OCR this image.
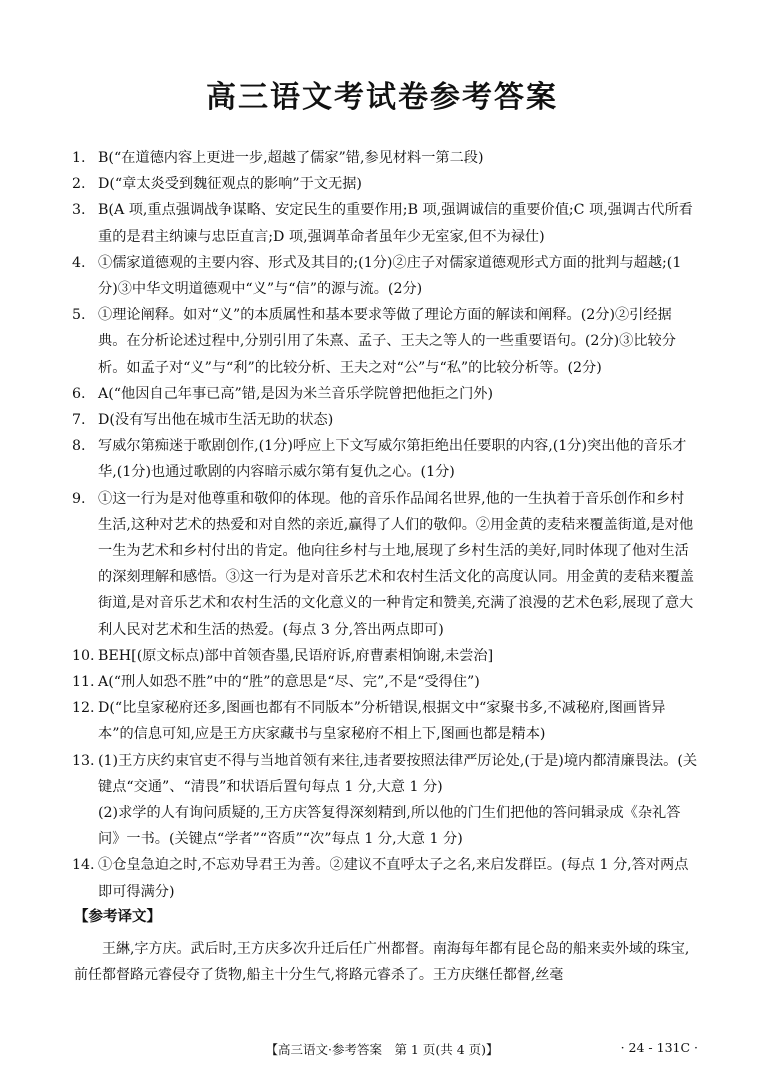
高三语文考试卷参考答案
1. B(“在道德内容上更进一步,超越了儒家”错,参见材料一第二段)
2. D(“章太炎受到魏征观点的影响”于文无据)
3. B(A 项,重点强调战争谋略、安定民生的重要作用;B 项,强调诚信的重要价值;C 项,强调古代所看重的是君主纳谏与忠臣直言;D 项,强调革命者虽年少无室家,但不为禄仕)
4. ①儒家道德观的主要内容、形式及其目的;(1分)②庄子对儒家道德观形式方面的批判与超越;(1分)③中华文明道德观中“义”与“信”的源与流。(2分)
5. ①理论阐释。如对“义”的本质属性和基本要求等做了理论方面的解读和阐释。(2分)②引经据典。在分析论述过程中,分别引用了朱熹、孟子、王夫之等人的一些重要语句。(2分)③比较分析。如孟子对“义”与“利”的比较分析、王夫之对“公”与“私”的比较分析等。(2分)
6. A(“他因自己年事已高”错,是因为米兰音乐学院曾把他拒之门外)
7. D(没有写出他在城市生活无助的状态)
8. 写威尔第痴迷于歌剧创作,(1分)呼应上下文写威尔第拒绝出任要职的内容,(1分)突出他的音乐才华,(1分)也通过歌剧的内容暗示威尔第有复仇之心。(1分)
9. ①这一行为是对他尊重和敬仰的体现。他的音乐作品闻名世界,他的一生执着于音乐创作和乡村生活,这种对艺术的热爱和对自然的亲近,赢得了人们的敬仰。②用金黄的麦秸来覆盖街道,是对他一生为艺术和乡村付出的肯定。他向往乡村与土地,展现了乡村生活的美好,同时体现了他对生活的深刻理解和感悟。③这一行为是对音乐艺术和农村生活文化的高度认同。用金黄的麦秸来覆盖街道,是对音乐艺术和农村生活的文化意义的一种肯定和赞美,充满了浪漫的艺术色彩,展现了意大利人民对艺术和生活的热爱。(每点 3 分,答出两点即可)
10. BEH[(原文标点)部中首领杳墨,民语府诉,府曹素相饷谢,未尝治]
11. A(“刑人如恐不胜”中的“胜”的意思是“尽、完”,不是“受得住”)
12. D(“比皇家秘府还多,图画也都有不同版本”分析错误,根据文中“家聚书多,不减秘府,图画皆异本”的信息可知,应是王方庆家藏书与皇家秘府不相上下,图画也都是精本)
13. (1)王方庆约束官吏不得与当地首领有来往,违者要按照法律严厉论处,(于是)境内都清廉畏法。(关键点“交通”、“清畏”和状语后置句每点 1 分,大意 1 分)
(2)求学的人有询问质疑的,王方庆答复得深刻精到,所以他的门生们把他的答问辑录成《杂礼答问》一书。(关键点“学者”“咨质”“次”每点 1 分,大意 1 分)
14. ①仓皇急迫之时,不忘劝导君王为善。②建议不直呼太子之名,来启发群臣。(每点 1 分,答对两点即可得满分)
【参考译文】
王綝,字方庆。武后时,王方庆多次升迁后任广州都督。南海每年都有昆仑岛的船来卖外域的珠宝,前任都督路元睿侵夺了货物,船主十分生气,将路元睿杀了。王方庆继任都督,丝毫
【高三语文·参考答案　第 1 页(共 4 页)】	· 24 - 131C ·
